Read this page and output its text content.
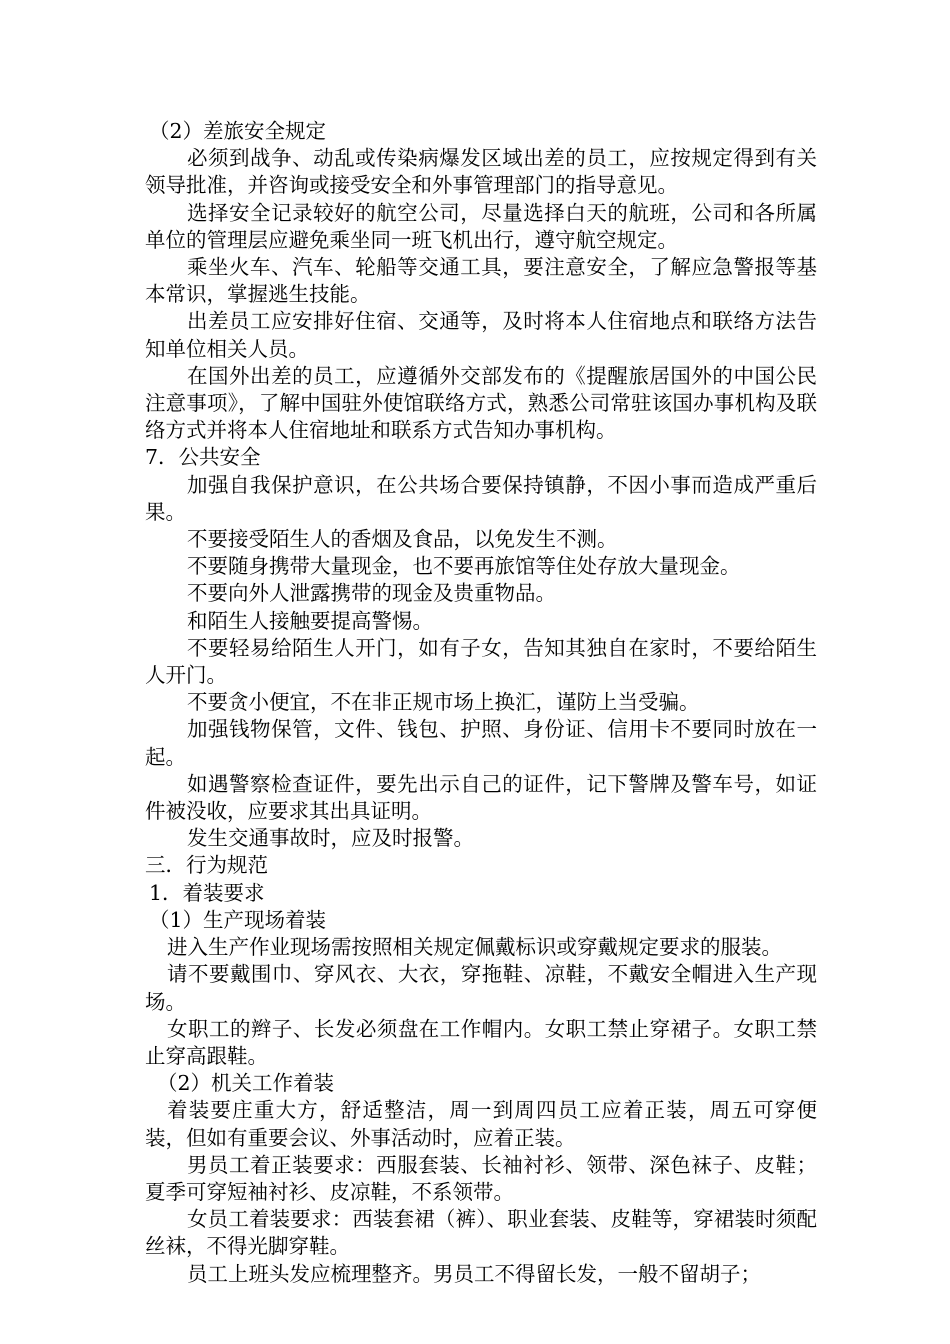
（2）差旅安全规定

必须到战争、动乱或传染病爆发区域出差的员工，应按规定得到有关领导批准，并咨询或接受安全和外事管理部门的指导意见。

选择安全记录较好的航空公司，尽量选择白天的航班，公司和各所属单位的管理层应避免乘坐同一班飞机出行，遵守航空规定。

乘坐火车、汽车、轮船等交通工具，要注意安全，了解应急警报等基本常识，掌握逃生技能。

出差员工应安排好住宿、交通等，及时将本人住宿地点和联络方法告知单位相关人员。

在国外出差的员工，应遵循外交部发布的《提醒旅居国外的中国公民注意事项》，了解中国驻外使馆联络方式，熟悉公司常驻该国办事机构及联络方式并将本人住宿地址和联系方式告知办事机构。

7．公共安全

加强自我保护意识，在公共场合要保持镇静，不因小事而造成严重后果。

不要接受陌生人的香烟及食品，以免发生不测。

不要随身携带大量现金，也不要再旅馆等住处存放大量现金。

不要向外人泄露携带的现金及贵重物品。

和陌生人接触要提高警惕。

不要轻易给陌生人开门，如有子女，告知其独自在家时，不要给陌生人开门。

不要贪小便宜，不在非正规市场上换汇，谨防上当受骗。

加强钱物保管，文件、钱包、护照、身份证、信用卡不要同时放在一起。

如遇警察检查证件，要先出示自己的证件，记下警牌及警车号，如证件被没收，应要求其出具证明。

发生交通事故时，应及时报警。

三．行为规范

1．着装要求

（1）生产现场着装

进入生产作业现场需按照相关规定佩戴标识或穿戴规定要求的服装。

请不要戴围巾、穿风衣、大衣，穿拖鞋、凉鞋，不戴安全帽进入生产现场。

女职工的辫子、长发必须盘在工作帽内。女职工禁止穿裙子。女职工禁止穿高跟鞋。

（2）机关工作着装

着装要庄重大方，舒适整洁，周一到周四员工应着正装，周五可穿便装，但如有重要会议、外事活动时，应着正装。

男员工着正装要求：西服套装、长袖衬衫、领带、深色袜子、皮鞋；夏季可穿短袖衬衫、皮凉鞋，不系领带。

女员工着装要求：西装套裙（裤）、职业套装、皮鞋等，穿裙装时须配丝袜，不得光脚穿鞋。

员工上班头发应梳理整齐。男员工不得留长发，一般不留胡子；
